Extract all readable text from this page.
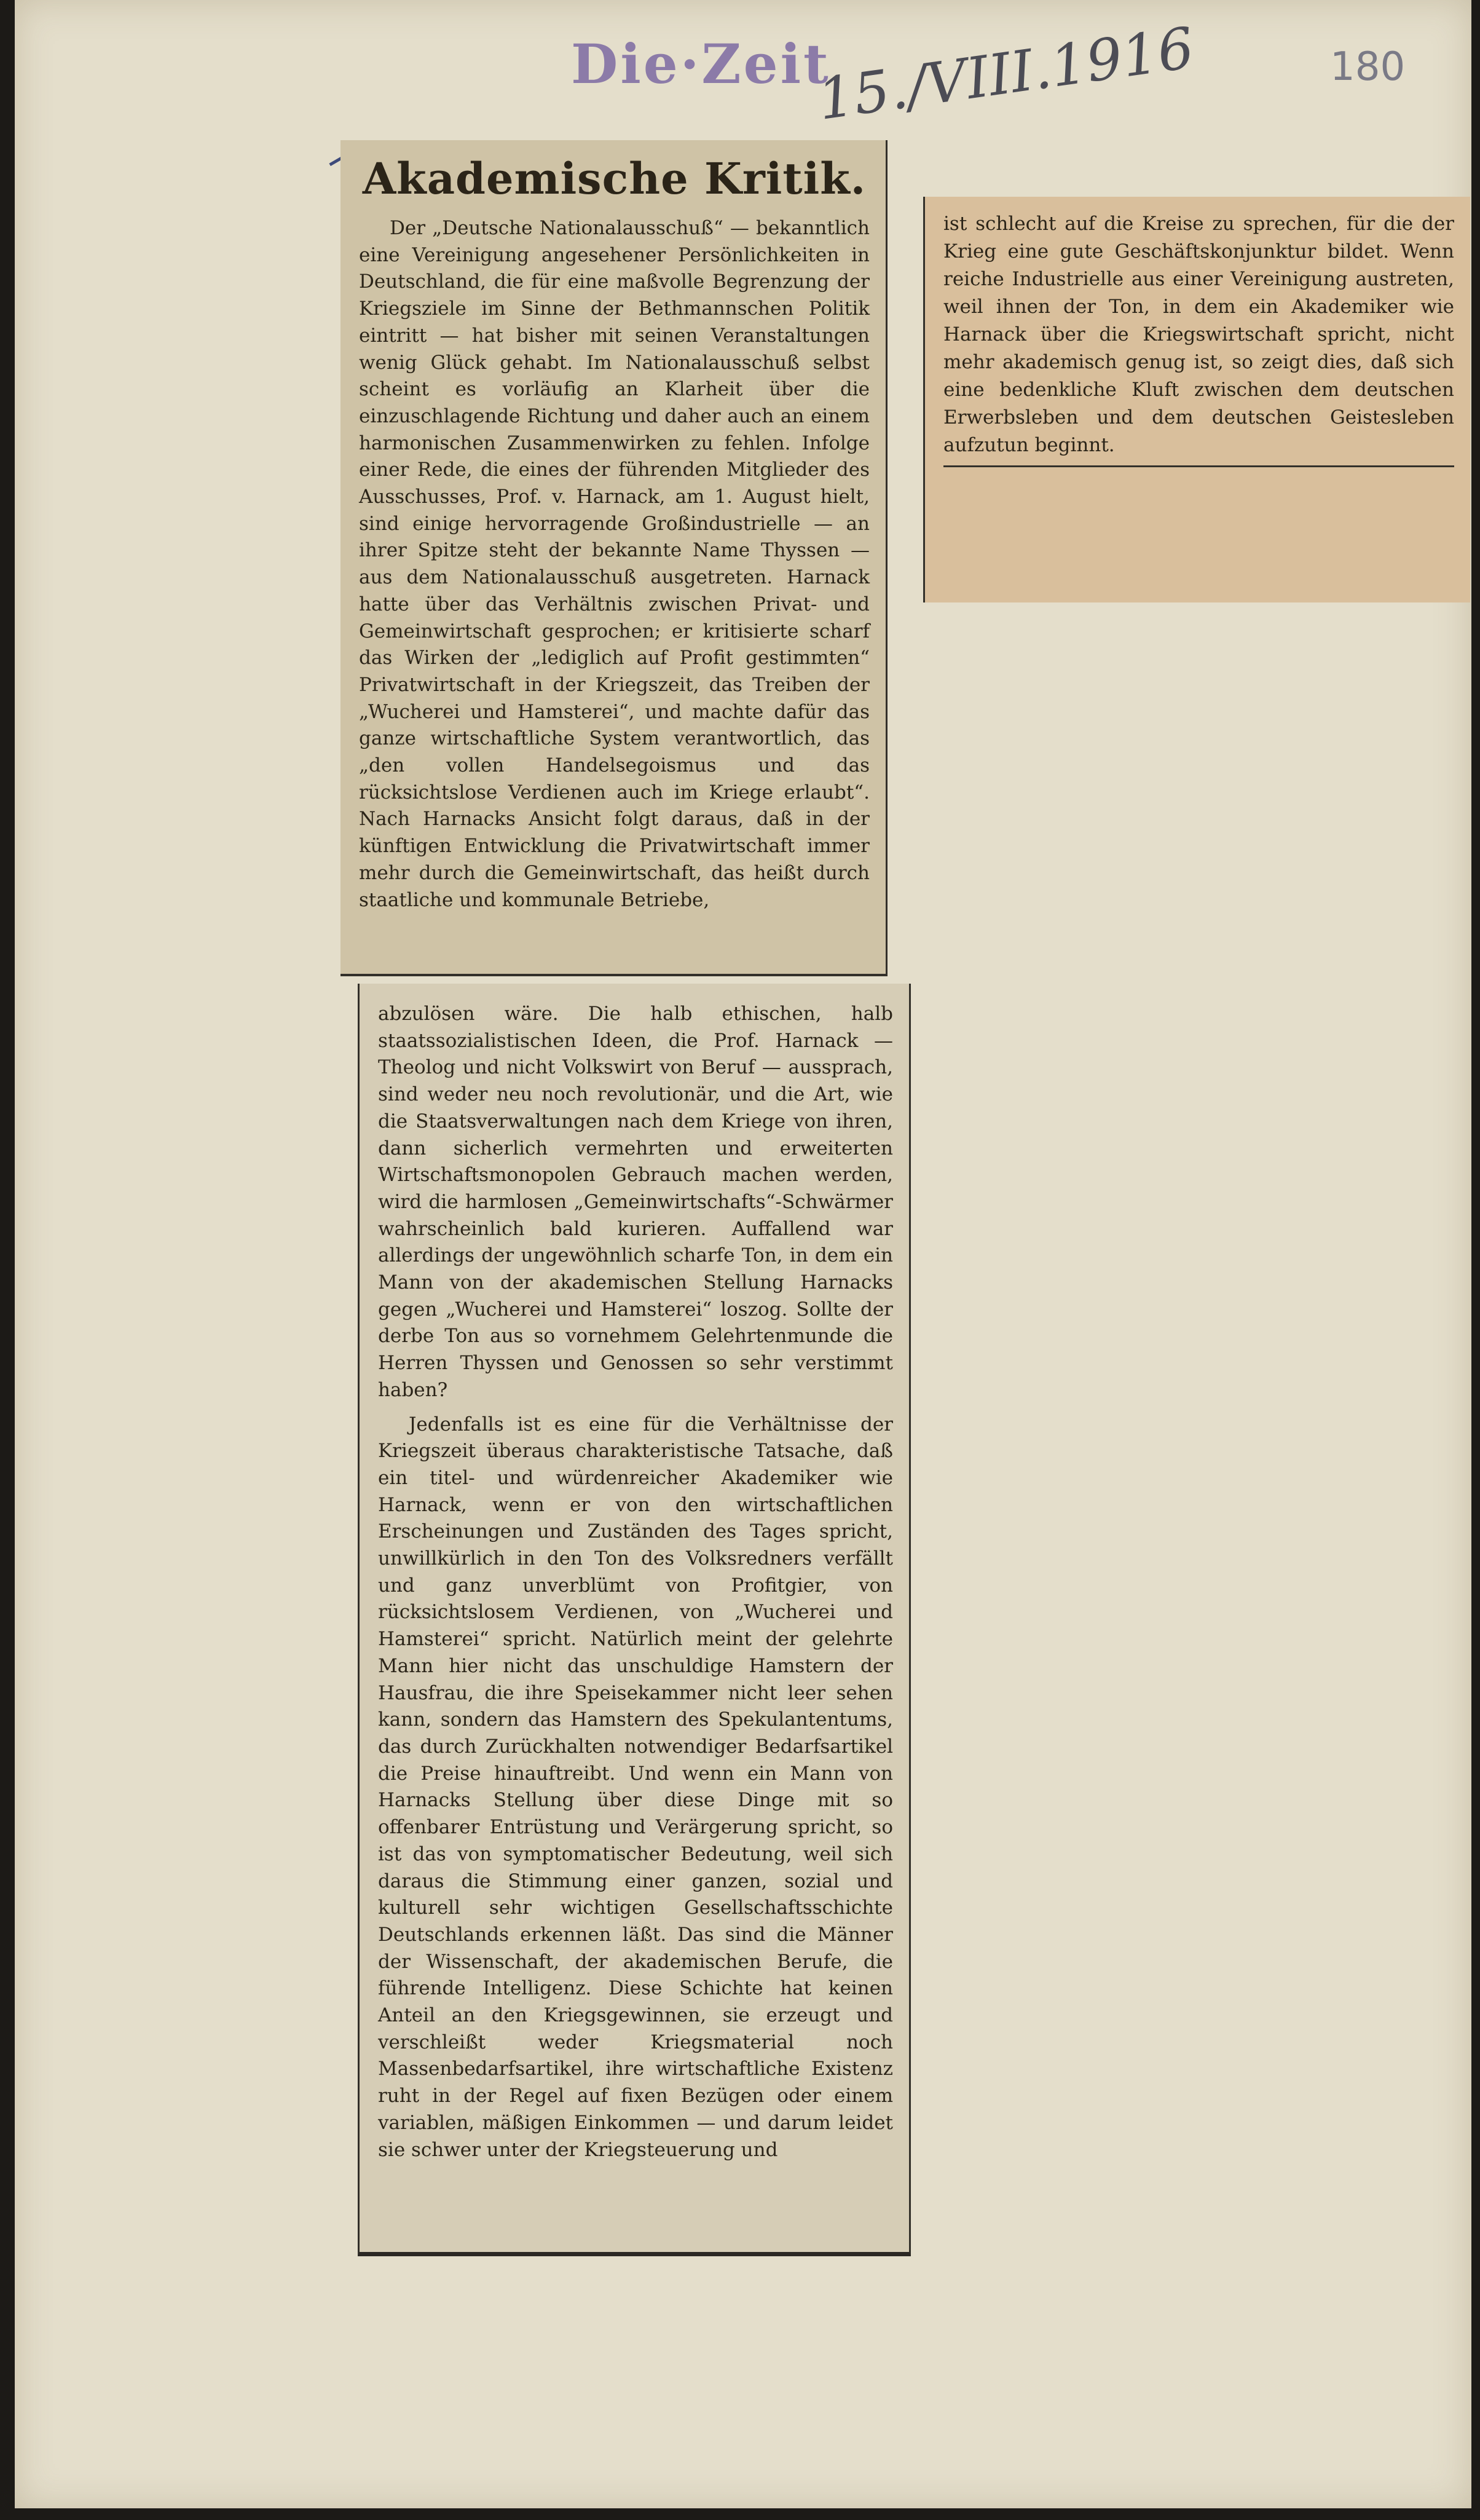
Die·Zeit
15./VIII.1916	180
Akademische Kritik.

Der „Deutsche Nationalausschuß“ — bekanntlich eine Vereinigung angesehener Persönlichkeiten in Deutschland, die für eine maßvolle Begrenzung der Kriegsziele im Sinne der Bethmannschen Politik eintritt — hat bisher mit seinen Veranstaltungen wenig Glück gehabt. Im Nationalausschuß selbst scheint es vorläufig an Klarheit über die einzuschlagende Richtung und daher auch an einem harmonischen Zusammenwirken zu fehlen. Infolge einer Rede, die eines der führenden Mitglieder des Ausschusses, Prof. v. Harnack, am 1. August hielt, sind einige hervorragende Großindustrielle — an ihrer Spitze steht der bekannte Name Thyssen — aus dem Nationalausschuß ausgetreten. Harnack hatte über das Verhältnis zwischen Privat- und Gemeinwirtschaft gesprochen; er kritisierte scharf das Wirken der „lediglich auf Profit gestimmten“ Privatwirtschaft in der Kriegszeit, das Treiben der „Wucherei und Hamsterei“, und machte dafür das ganze wirtschaftliche System verantwortlich, das „den vollen Handelsegoismus und das rücksichtslose Verdienen auch im Kriege erlaubt“. Nach Harnacks Ansicht folgt daraus, daß in der künftigen Entwicklung die Privatwirtschaft immer mehr durch die Gemeinwirtschaft, das heißt durch staatliche und kommunale Betriebe,

abzulösen wäre. Die halb ethischen, halb staatssozialistischen Ideen, die Prof. Harnack — Theolog und nicht Volkswirt von Beruf — aussprach, sind weder neu noch revolutionär, und die Art, wie die Staatsverwaltungen nach dem Kriege von ihren, dann sicherlich vermehrten und erweiterten Wirtschaftsmonopolen Gebrauch machen werden, wird die harmlosen „Gemeinwirtschafts“-Schwärmer wahrscheinlich bald kurieren. Auffallend war allerdings der ungewöhnlich scharfe Ton, in dem ein Mann von der akademischen Stellung Harnacks gegen „Wucherei und Hamsterei“ loszog. Sollte der derbe Ton aus so vornehmem Gelehrtenmunde die Herren Thyssen und Genossen so sehr verstimmt haben?

Jedenfalls ist es eine für die Verhältnisse der Kriegszeit überaus charakteristische Tatsache, daß ein titel- und würdenreicher Akademiker wie Harnack, wenn er von den wirtschaftlichen Erscheinungen und Zuständen des Tages spricht, unwillkürlich in den Ton des Volksredners verfällt und ganz unverblümt von Profitgier, von rücksichtslosem Verdienen, von „Wucherei und Hamsterei“ spricht. Natürlich meint der gelehrte Mann hier nicht das unschuldige Hamstern der Hausfrau, die ihre Speisekammer nicht leer sehen kann, sondern das Hamstern des Spekulantentums, das durch Zurückhalten notwendiger Bedarfsartikel die Preise hinauftreibt. Und wenn ein Mann von Harnacks Stellung über diese Dinge mit so offenbarer Entrüstung und Verärgerung spricht, so ist das von symptomatischer Bedeutung, weil sich daraus die Stimmung einer ganzen, sozial und kulturell sehr wichtigen Gesellschaftsschichte Deutschlands erkennen läßt. Das sind die Männer der Wissenschaft, der akademischen Berufe, die führende Intelligenz. Diese Schichte hat keinen Anteil an den Kriegsgewinnen, sie erzeugt und verschleißt weder Kriegsmaterial noch Massenbedarfsartikel, ihre wirtschaftliche Existenz ruht in der Regel auf fixen Bezügen oder einem variablen, mäßigen Einkommen — und darum leidet sie schwer unter der Kriegsteuerung und

ist schlecht auf die Kreise zu sprechen, für die der Krieg eine gute Geschäftskonjunktur bildet. Wenn reiche Industrielle aus einer Vereinigung austreten, weil ihnen der Ton, in dem ein Akademiker wie Harnack über die Kriegswirtschaft spricht, nicht mehr akademisch genug ist, so zeigt dies, daß sich eine bedenkliche Kluft zwischen dem deutschen Erwerbsleben und dem deutschen Geistesleben aufzutun beginnt.
